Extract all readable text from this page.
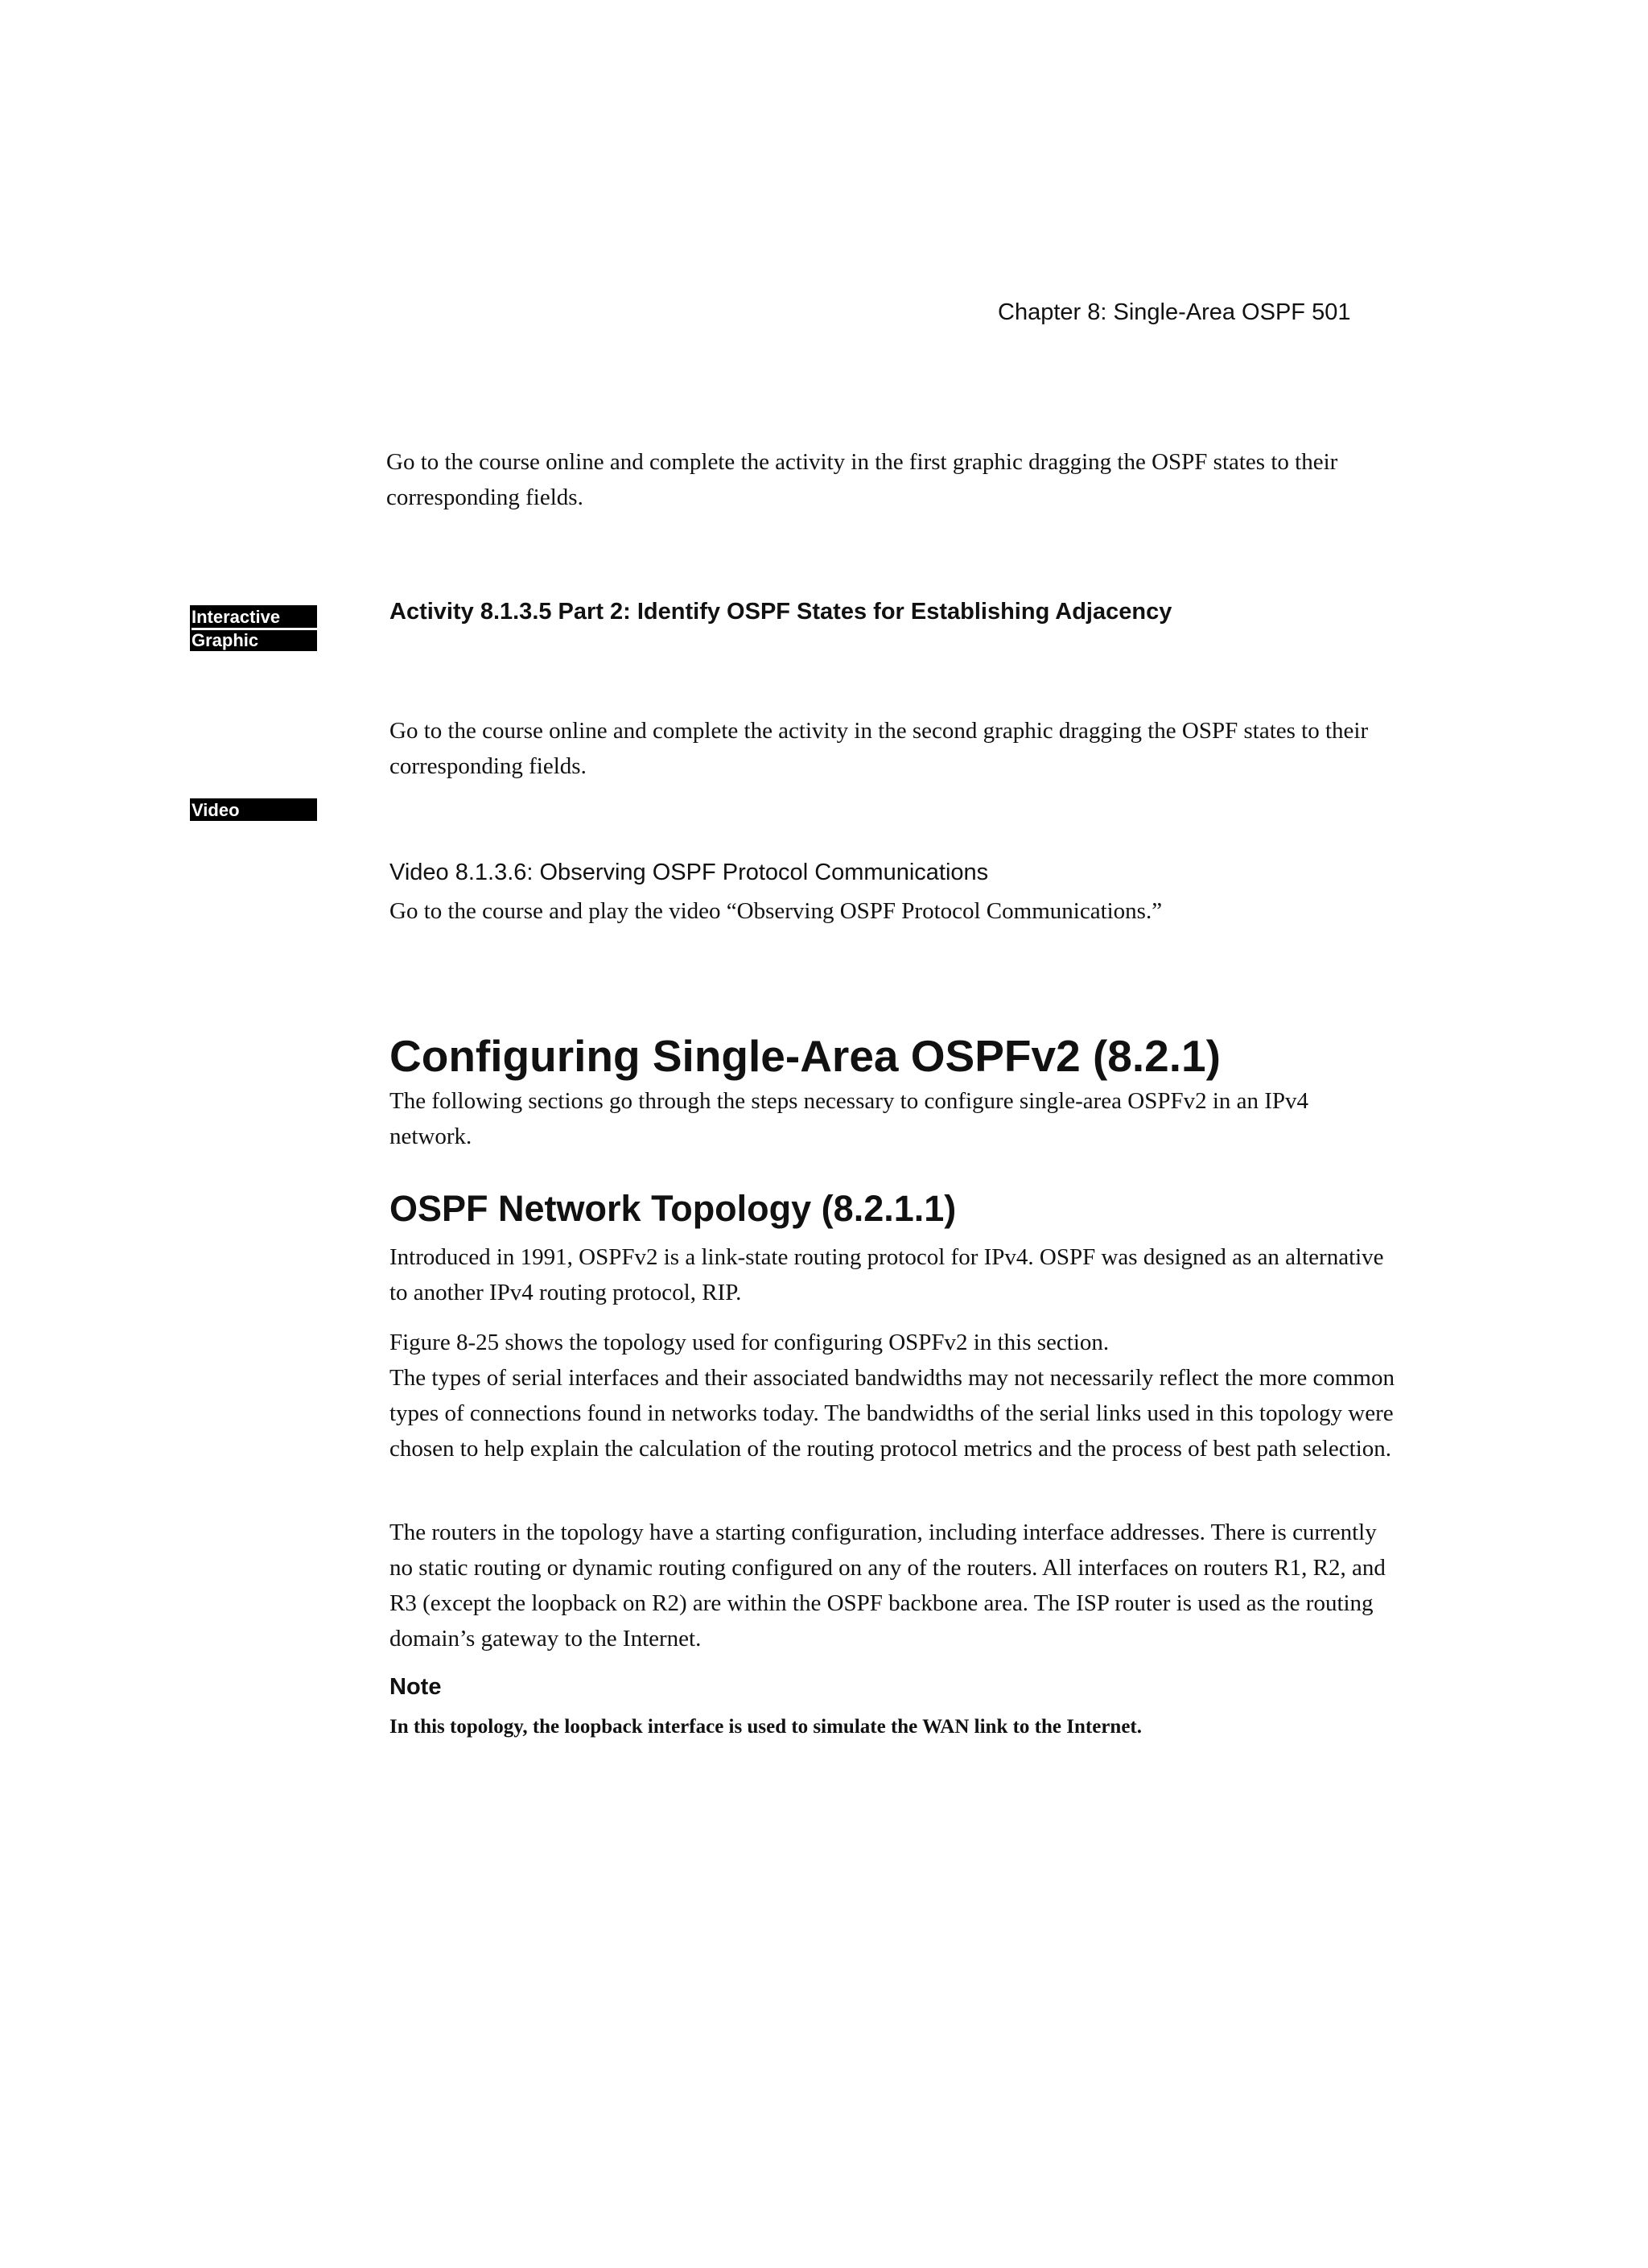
Chapter 8: Single-Area OSPF 501

Go to the course online and complete the activity in the first graphic dragging the OSPF states to their corresponding fields.

Interactive
Graphic
Activity 8.1.3.5 Part 2: Identify OSPF States for Establishing Adjacency

Go to the course online and complete the activity in the second graphic dragging the OSPF states to their corresponding fields.

Video
Video 8.1.3.6: Observing OSPF Protocol Communications

Go to the course and play the video “Observing OSPF Protocol Communications.”

Configuring Single-Area OSPFv2 (8.2.1)

The following sections go through the steps necessary to configure single-area OSPFv2 in an IPv4 network.

OSPF Network Topology (8.2.1.1)

Introduced in 1991, OSPFv2 is a link-state routing protocol for IPv4. OSPF was designed as an alternative to another IPv4 routing protocol, RIP.

Figure 8-25 shows the topology used for configuring OSPFv2 in this section.

The types of serial interfaces and their associated bandwidths may not necessarily reflect the more common types of connections found in networks today. The bandwidths of the serial links used in this topology were chosen to help explain the calculation of the routing protocol metrics and the process of best path selection.

The routers in the topology have a starting configuration, including interface addresses. There is currently no static routing or dynamic routing configured on any of the routers. All interfaces on routers R1, R2, and R3 (except the loopback on R2) are within the OSPF backbone area. The ISP router is used as the routing domain’s gateway to the Internet.

Note
In this topology, the loopback interface is used to simulate the WAN link to the Internet.
